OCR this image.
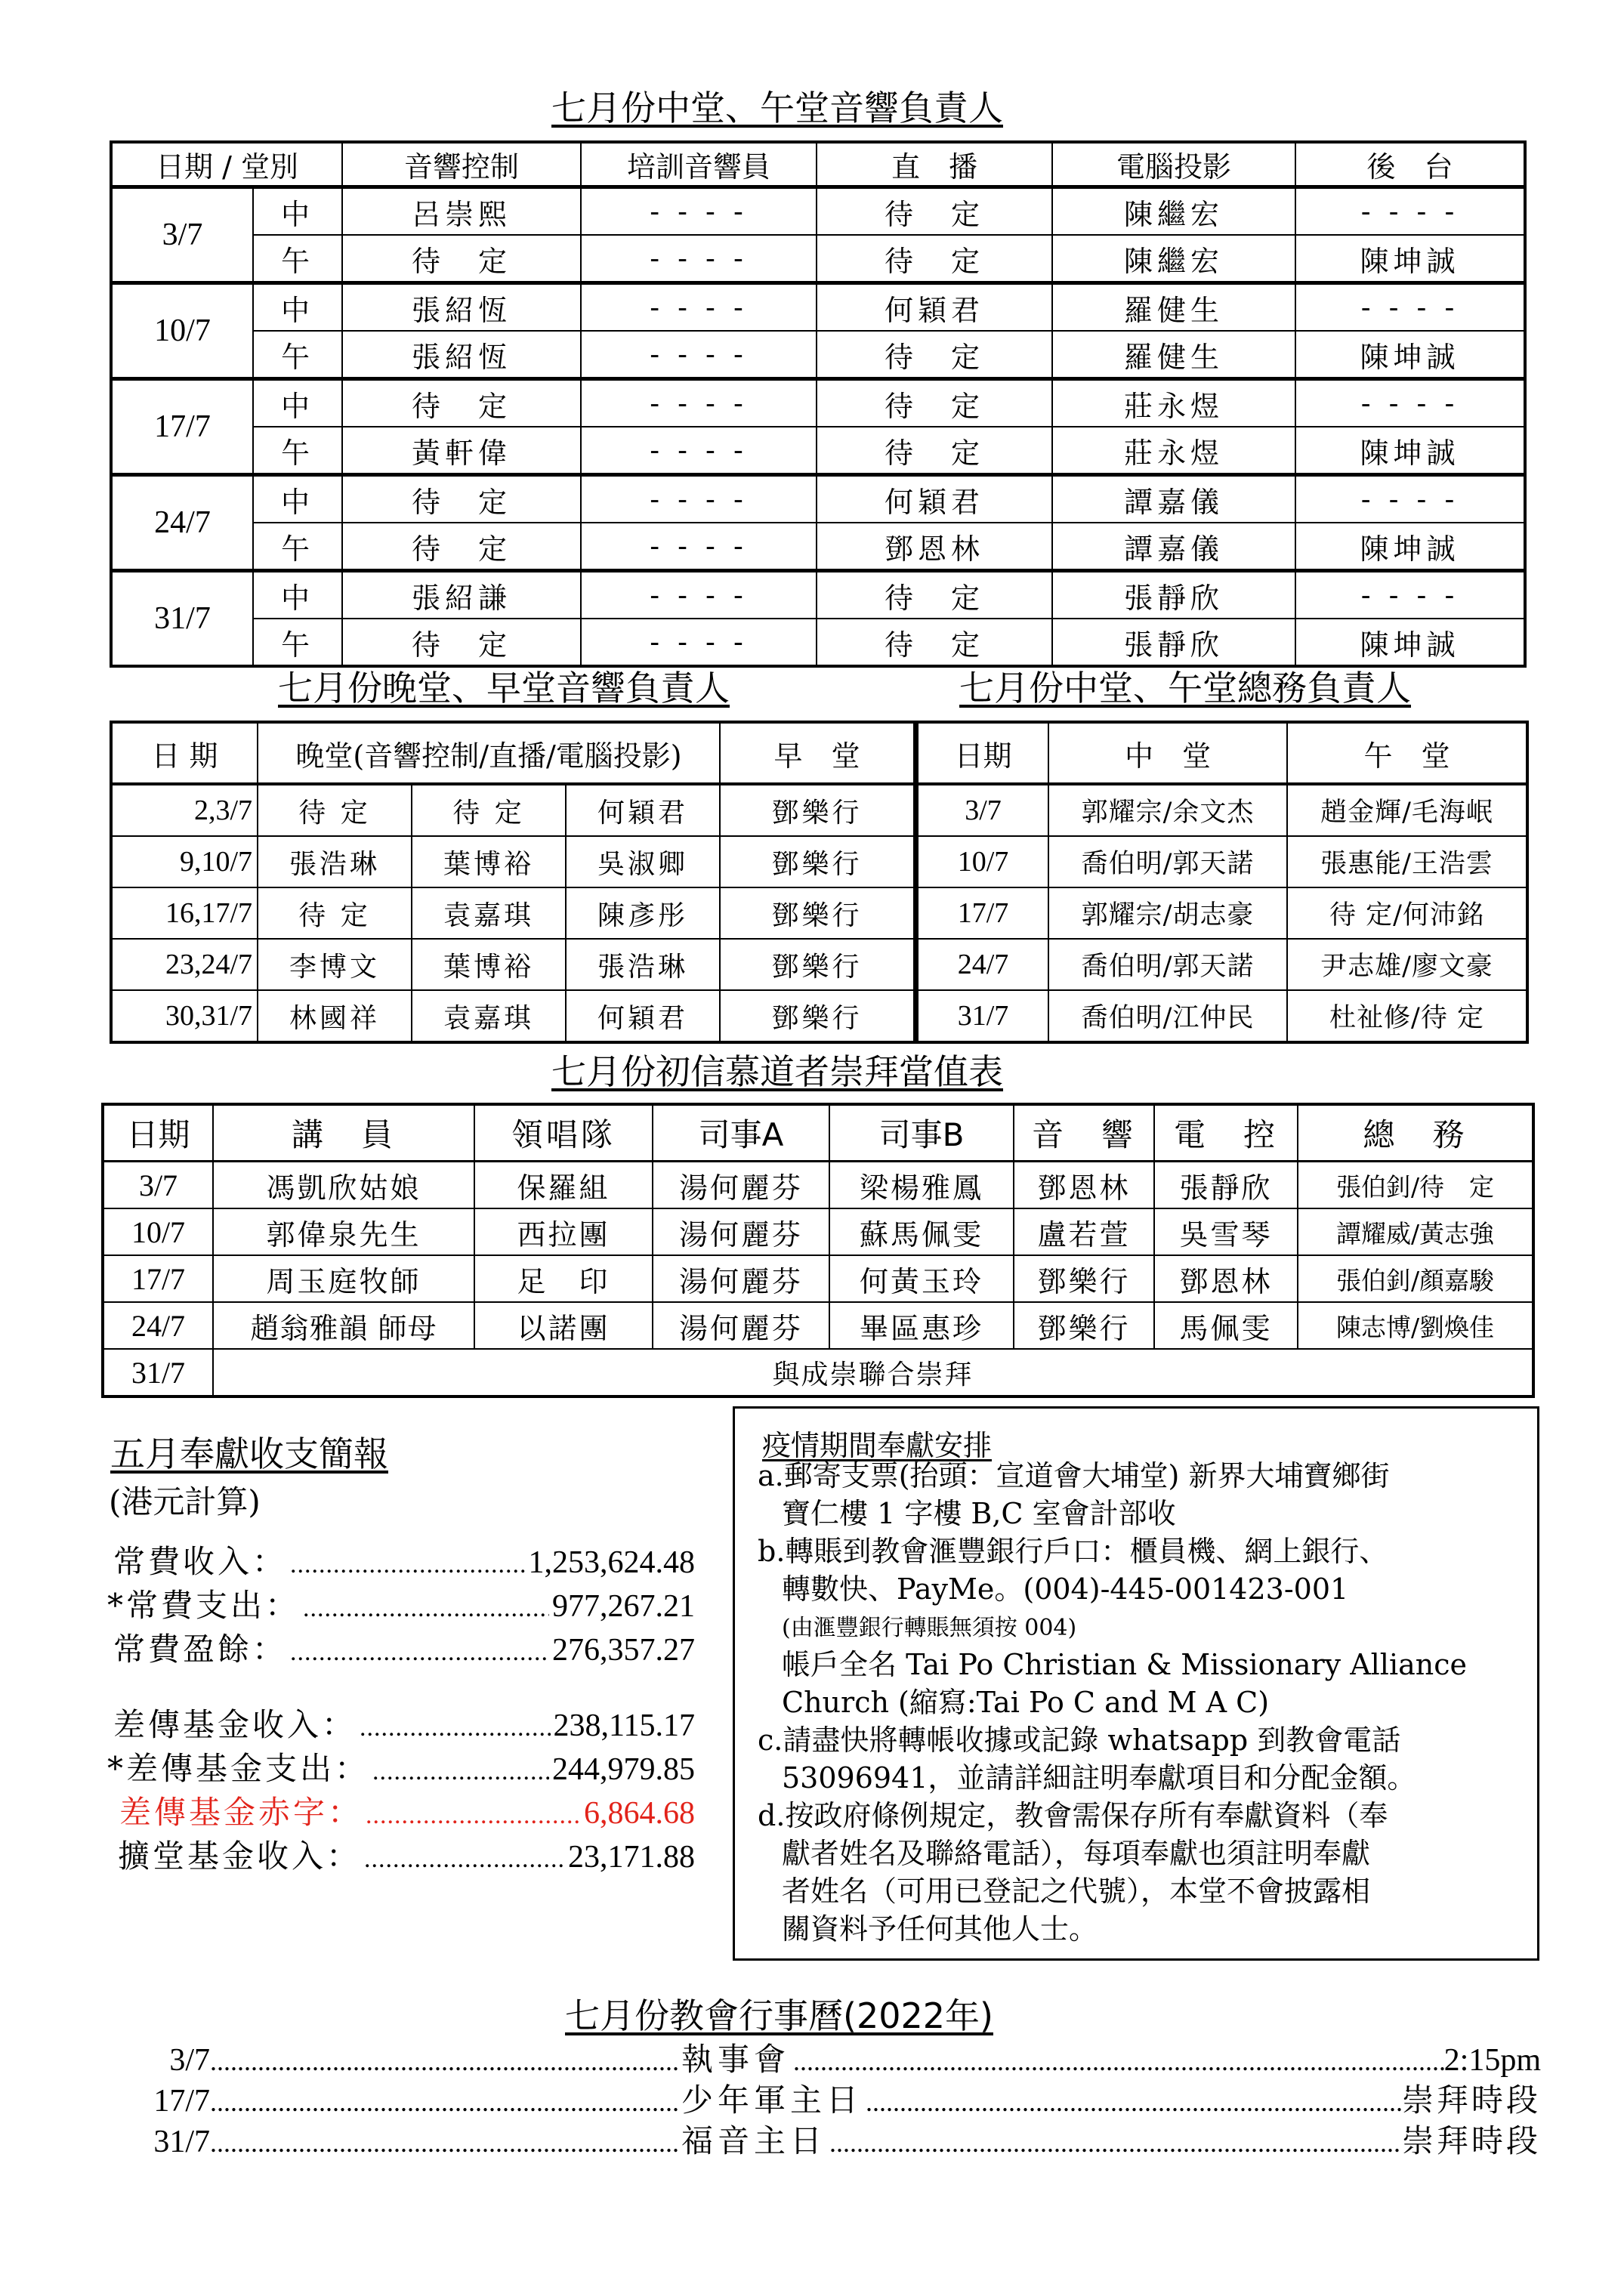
七月份中堂、午堂音響負責人
日期 / 堂別		音響控制	培訓音響員	直　播	電腦投影	後　台
3/7	中	呂崇熙	- - - -	待　定	陳繼宏	- - - -
	午	待　定	- - - -	待　定	陳繼宏	陳坤誠
10/7	中	張紹恆	- - - -	何穎君	羅健生	- - - -
	午	張紹恆	- - - -	待　定	羅健生	陳坤誠
17/7	中	待　定	- - - -	待　定	莊永煜	- - - -
	午	黃軒偉	- - - -	待　定	莊永煜	陳坤誠
24/7	中	待　定	- - - -	何穎君	譚嘉儀	- - - -
	午	待　定	- - - -	鄧恩林	譚嘉儀	陳坤誠
31/7	中	張紹謙	- - - -	待　定	張靜欣	- - - -
	午	待　定	- - - -	待　定	張靜欣	陳坤誠
七月份晚堂、早堂音響負責人
日 期	晚堂(音響控制/直播/電腦投影)			早　堂
2,3/7	待 定	待 定	何穎君	鄧樂行
9,10/7	張浩琳	葉博裕	吳淑卿	鄧樂行
16,17/7	待 定	袁嘉琪	陳彥彤	鄧樂行
23,24/7	李博文	葉博裕	張浩琳	鄧樂行
30,31/7	林國祥	袁嘉琪	何穎君	鄧樂行
七月份中堂、午堂總務負責人
日期	中　堂	午　堂
3/7	郭耀宗/余文杰	趙金輝/毛海岷
10/7	喬伯明/郭天諾	張惠能/王浩雲
17/7	郭耀宗/胡志豪	待 定/何沛銘
24/7	喬伯明/郭天諾	尹志雄/廖文豪
31/7	喬伯明/江仲民	杜祉修/待 定
七月份初信慕道者崇拜當值表
日期	講　員	領唱隊	司事A	司事B	音　響	電　控	總　務
3/7	馮凱欣姑娘	保羅組	湯何麗芬	梁楊雅鳳	鄧恩林	張靜欣	張伯釗/待　定
10/7	郭偉泉先生	西拉團	湯何麗芬	蘇馬佩雯	盧若萱	吳雪琴	譚耀威/黃志強
17/7	周玉庭牧師	足　印	湯何麗芬	何黃玉玲	鄧樂行	鄧恩林	張伯釗/顏嘉駿
24/7	趙翁雅韻 師母	以諾團	湯何麗芬	畢區惠珍	鄧樂行	馬佩雯	陳志博/劉煥佳
31/7	與成崇聯合崇拜						
五月奉獻收支簡報
(港元計算)
常費收入： .....	1,253,624.48
*常費支出： .....	977,267.21
常費盈餘： .....	276,357.27
差傳基金收入： .....	238,115.17
*差傳基金支出： .....	244,979.85
差傳基金赤字： .....	6,864.68
擴堂基金收入： .....	23,171.88
疫情期間奉獻安排
a.郵寄支票(抬頭：宣道會大埔堂) 新界大埔寶鄉街
寶仁樓 1 字樓 B,C 室會計部收
b.轉賬到教會滙豐銀行戶口：櫃員機、網上銀行、
轉數快、PayMe。(004)-445-001423-001
(由滙豐銀行轉賬無須按 004)
帳戶全名 Tai Po Christian & Missionary Alliance
Church (縮寫:Tai Po C and M A C)
c.請盡快將轉帳收據或記錄 whatsapp 到教會電話
53096941，並請詳細註明奉獻項目和分配金額。
d.按政府條例規定，教會需保存所有奉獻資料（奉
獻者姓名及聯絡電話），每項奉獻也須註明奉獻
者姓名（可用已登記之代號），本堂不會披露相
關資料予任何其他人士。
七月份教會行事曆(2022年)
3/7 .....	執事會 .....	2:15pm
17/7 .....	少年軍主日 .....	崇拜時段
31/7 .....	福音主日 .....	崇拜時段
